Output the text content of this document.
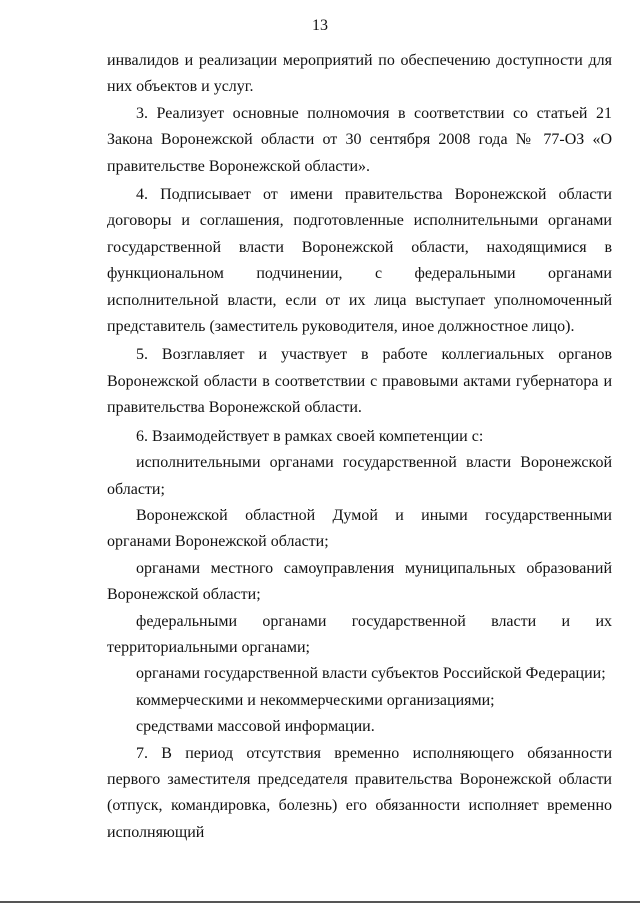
13

инвалидов и реализации мероприятий по обеспечению доступности для них объектов и услуг.

3. Реализует основные полномочия в соответствии со статьей 21 Закона Воронежской области от 30 сентября 2008 года № 77-ОЗ «О правительстве Воронежской области».

4. Подписывает от имени правительства Воронежской области договоры и соглашения, подготовленные исполнительными органами государственной власти Воронежской области, находящимися в функциональном подчинении, с федеральными органами исполнительной власти, если от их лица выступает уполномоченный представитель (заместитель руководителя, иное должностное лицо).

5. Возглавляет и участвует в работе коллегиальных органов Воронежской области в соответствии с правовыми актами губернатора и правительства Воронежской области.

6. Взаимодействует в рамках своей компетенции с:

исполнительными органами государственной власти Воронежской области;

Воронежской областной Думой и иными государственными органами Воронежской области;

органами местного самоуправления муниципальных образований Воронежской области;

федеральными органами государственной власти и их территориальными органами;

органами государственной власти субъектов Российской Федерации;

коммерческими и некоммерческими организациями;

средствами массовой информации.

7. В период отсутствия временно исполняющего обязанности первого заместителя председателя правительства Воронежской области (отпуск, командировка, болезнь) его обязанности исполняет временно исполняющий
